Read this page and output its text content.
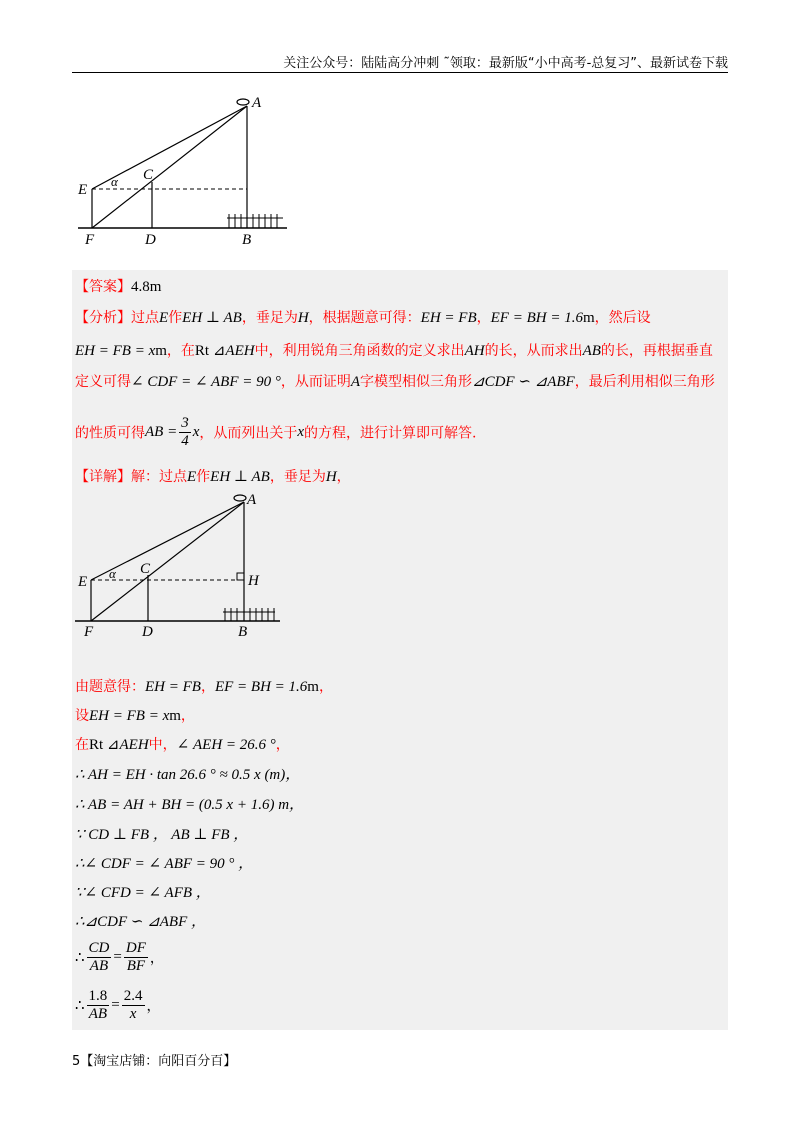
关注公众号：陆陆高分冲刺 ˜领取：最新版“小中高考-总复习”、最新试卷下载
A
E
α C
F	D	B
【答案】4.8m
【分析】过点E作EH ⊥ AB，垂足为H，根据题意可得：EH = FB，EF = BH = 1.6m，然后设
EH = FB = xm，在Rt ⊿AEH中，利用锐角三角函数的定义求出AH的长，从而求出AB的长，再根据垂直
定义可得∠ CDF = ∠ ABF = 90 °，从而证明A字模型相似三角形⊿CDF ∽ ⊿ABF，最后利用相似三角形
的性质可得AB = $\frac{3}{4}$ x，从而列出关于x的方程，进行计算即可解答.
【详解】解：过点E作EH ⊥ AB，垂足为H，
A
E
α C
H
F	D	B
由题意得：EH = FB，EF = BH = 1.6m，
设EH = FB = xm，
在Rt ⊿AEH中，∠ AEH = 26.6 °，
∴ AH = EH · tan 26.6 ° ≈ 0.5 x (m)，
∴ AB = AH + BH = (0.5 x + 1.6) m，
∵ CD ⊥ FB ， AB ⊥ FB ，
∴∠ CDF = ∠ ABF = 90 ° ，
∵∠ CFD = ∠ AFB ，
∴⊿CDF ∽ ⊿ABF ，
∴ $\frac{CD}{AB} = \frac{DF}{BF}$ ，
∴ $\frac{1.8}{AB} = \frac{2.4}{x}$ ，
5【淘宝店铺：向阳百分百】
